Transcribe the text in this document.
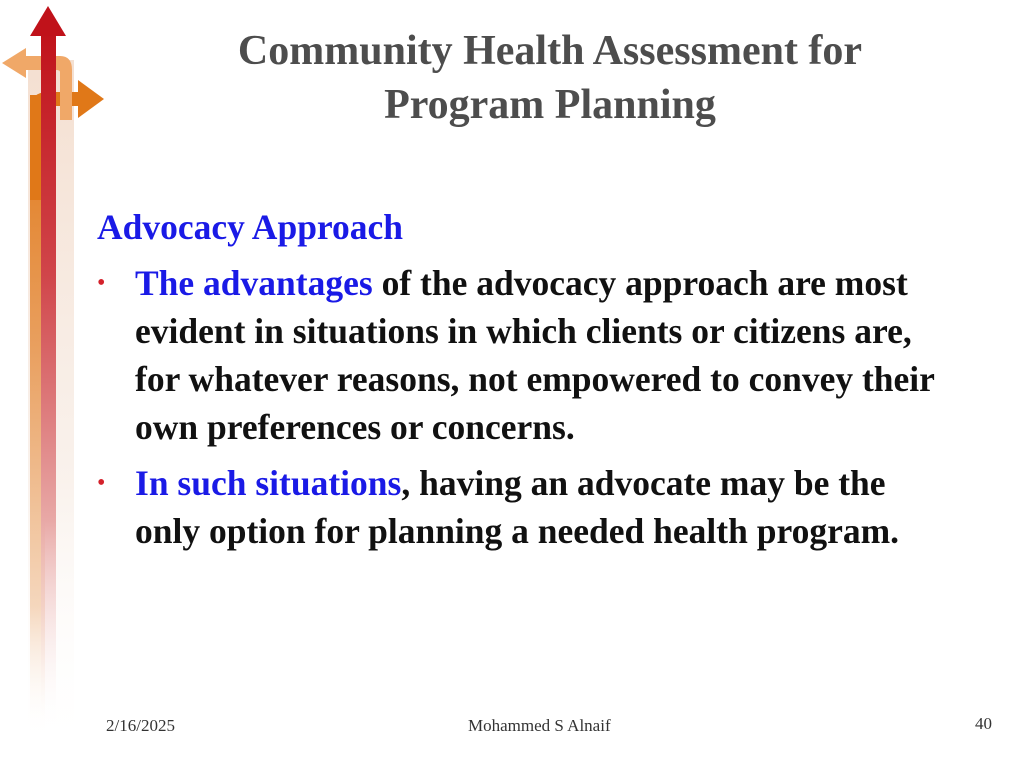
Community Health Assessment for
Program Planning
Advocacy Approach
• The advantages of the advocacy approach are most evident in situations in which clients or citizens are, for whatever reasons, not empowered to convey their own preferences or concerns.
• In such situations, having an advocate may be the only option for planning a needed health program.
2/16/2025	Mohammed S Alnaif	40
